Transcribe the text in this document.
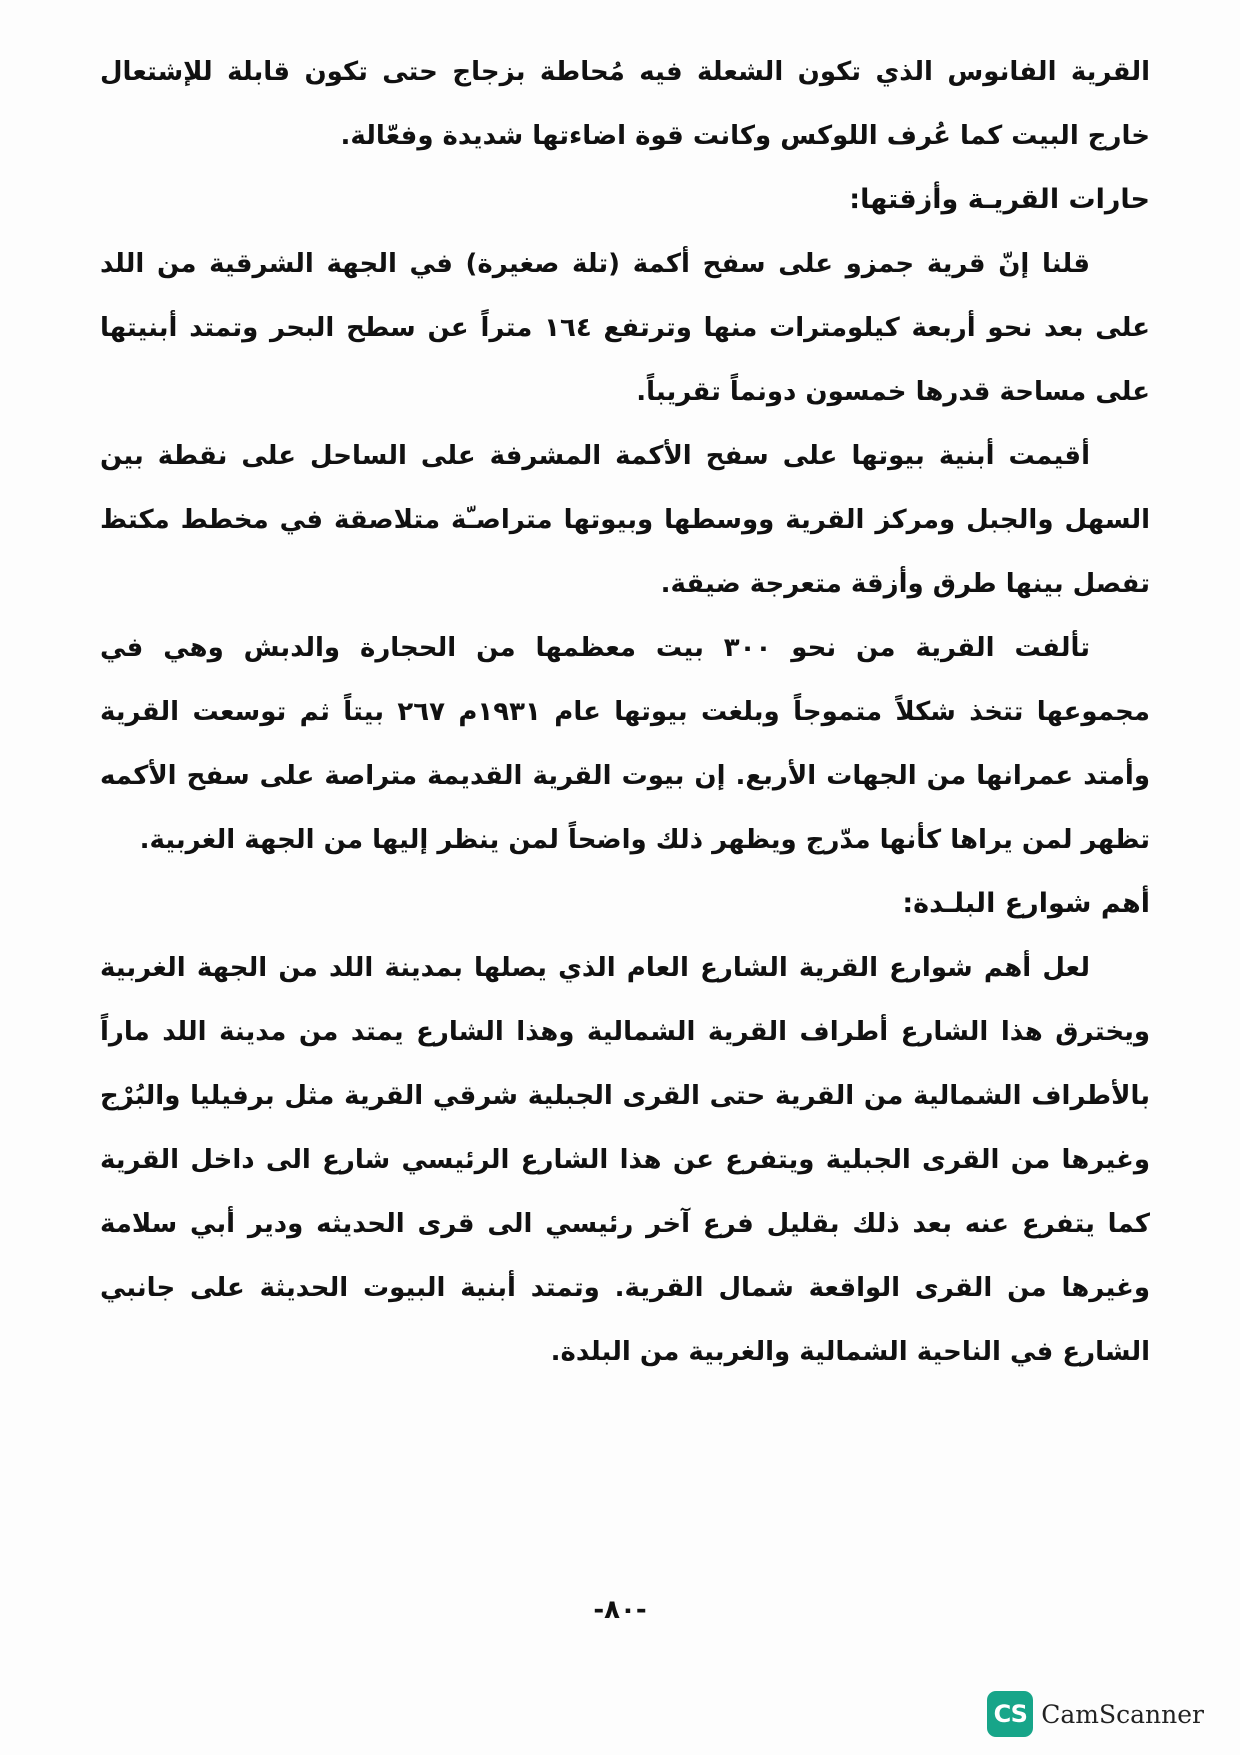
القرية الفانوس الذي تكون الشعلة فيه مُحاطة بزجاج حتى تكون قابلة للإشتعال خارج البيت كما عُرف اللوكس وكانت قوة اضاءتها شديدة وفعّالة.

حارات القريـة وأزقتها:

قلنا إنّ قرية جمزو على سفح أكمة (تلة صغيرة) في الجهة الشرقية من اللد على بعد نحو أربعة كيلومترات منها وترتفع ١٦٤ متراً عن سطح البحر وتمتد أبنيتها على مساحة قدرها خمسون دونماً تقريباً.

أقيمت أبنية بيوتها على سفح الأكمة المشرفة على الساحل على نقطة بين السهل والجبل ومركز القرية ووسطها وبيوتها متراصـّة متلاصقة في مخطط مكتظ تفصل بينها طرق وأزقة متعرجة ضيقة.

تألفت القرية من نحو ٣٠٠ بيت معظمها من الحجارة والدبش وهي في مجموعها تتخذ شكلاً متموجاً وبلغت بيوتها عام ١٩٣١م ٢٦٧ بيتاً ثم توسعت القرية وأمتد عمرانها من الجهات الأربع. إن بيوت القرية القديمة متراصة على سفح الأكمه تظهر لمن يراها كأنها مدّرج ويظهر ذلك واضحاً لمن ينظر إليها من الجهة الغربية.

أهم شوارع البلـدة:

لعل أهم شوارع القرية الشارع العام الذي يصلها بمدينة اللد من الجهة الغربية ويخترق هذا الشارع أطراف القرية الشمالية وهذا الشارع يمتد من مدينة اللد ماراً بالأطراف الشمالية من القرية حتى القرى الجبلية شرقي القرية مثل برفيليا والبُرْج وغيرها من القرى الجبلية ويتفرع عن هذا الشارع الرئيسي شارع الى داخل القرية كما يتفرع عنه بعد ذلك بقليل فرع آخر رئيسي الى قرى الحديثه ودير أبي سلامة وغيرها من القرى الواقعة شمال القرية. وتمتد أبنية البيوت الحديثة على جانبي الشارع في الناحية الشمالية والغربية من البلدة.

-٨٠-
CS CamScanner
